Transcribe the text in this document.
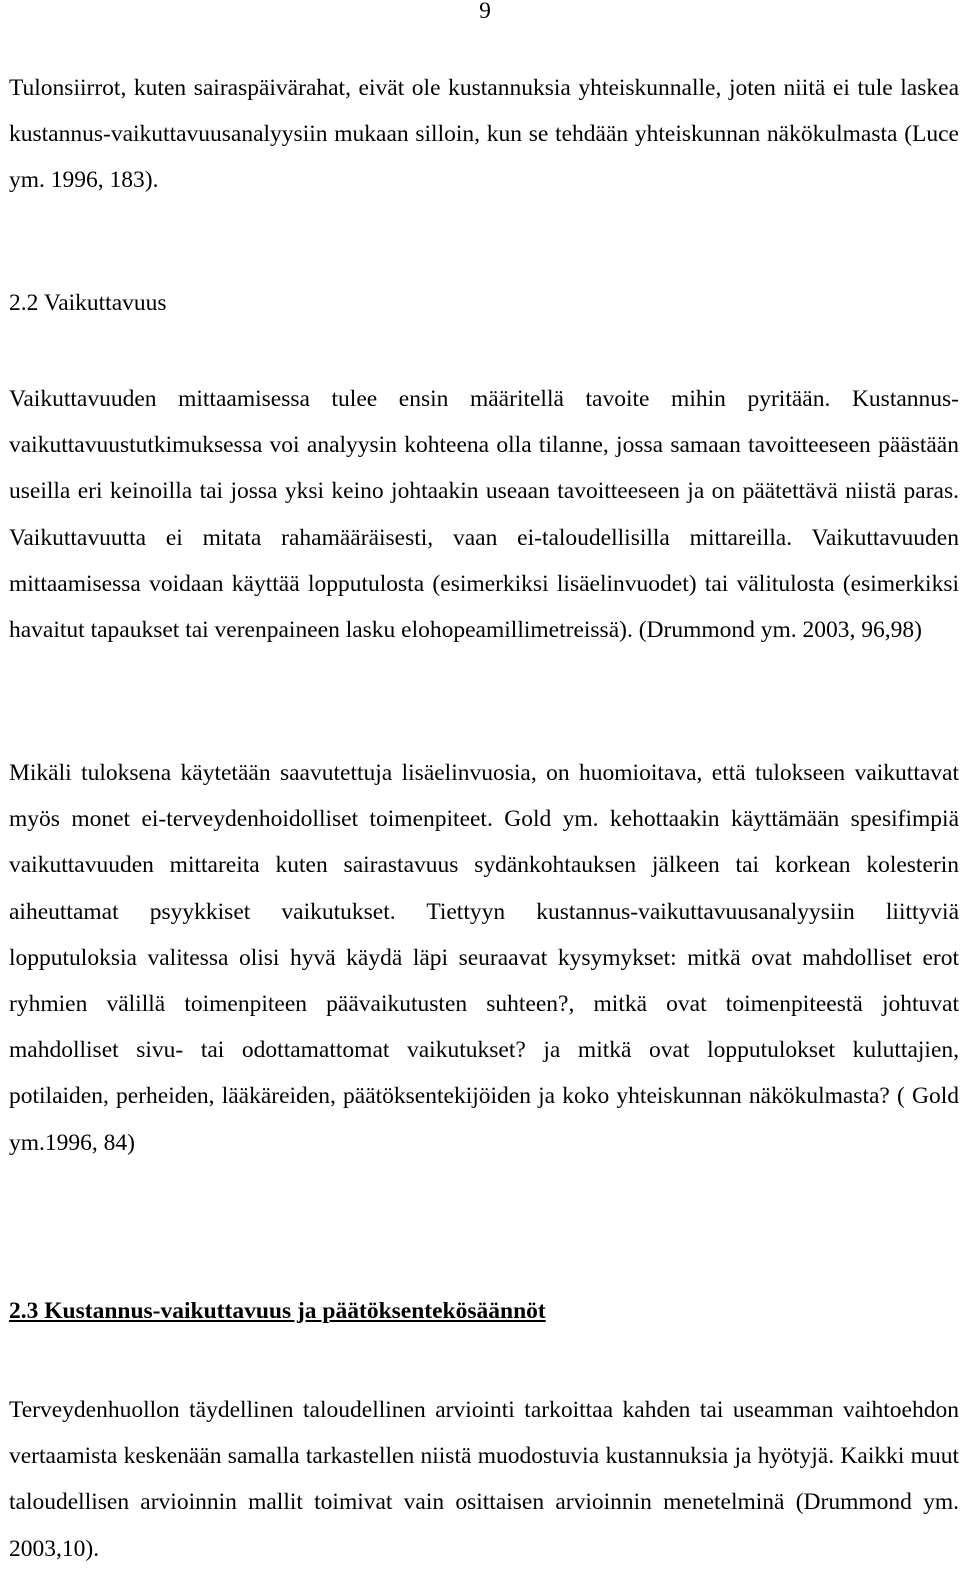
9

Tulonsiirrot, kuten sairaspäivärahat, eivät ole kustannuksia yhteiskunnalle, joten niitä ei tule laskea kustannus-vaikuttavuusanalyysiin mukaan silloin, kun se tehdään yhteiskunnan näkökulmasta (Luce ym. 1996, 183).

2.2 Vaikuttavuus

Vaikuttavuuden mittaamisessa tulee ensin määritellä tavoite mihin pyritään. Kustannus-vaikuttavuustutkimuksessa voi analyysin kohteena olla tilanne, jossa samaan tavoitteeseen päästään useilla eri keinoilla tai jossa yksi keino johtaakin useaan tavoitteeseen ja on päätettävä niistä paras. Vaikuttavuutta ei mitata rahamääräisesti, vaan ei-taloudellisilla mittareilla. Vaikuttavuuden mittaamisessa voidaan käyttää lopputulosta (esimerkiksi lisäelinvuodet) tai välitulosta (esimerkiksi havaitut tapaukset tai verenpaineen lasku elohopeamillimetreissä). (Drummond ym. 2003, 96,98)

Mikäli tuloksena käytetään saavutettuja lisäelinvuosia, on huomioitava, että tulokseen vaikuttavat myös monet ei-terveydenhoidolliset toimenpiteet. Gold ym. kehottaakin käyttämään spesifimpiä vaikuttavuuden mittareita kuten sairastavuus sydänkohtauksen jälkeen tai korkean kolesterin aiheuttamat psyykkiset vaikutukset. Tiettyyn kustannus-vaikuttavuusanalyysiin liittyviä lopputuloksia valitessa olisi hyvä käydä läpi seuraavat kysymykset: mitkä ovat mahdolliset erot ryhmien välillä toimenpiteen päävaikutusten suhteen?, mitkä ovat toimenpiteestä johtuvat mahdolliset sivu- tai odottamattomat vaikutukset? ja mitkä ovat lopputulokset kuluttajien, potilaiden, perheiden, lääkäreiden, päätöksentekijöiden ja koko yhteiskunnan näkökulmasta? ( Gold ym.1996, 84)

2.3 Kustannus-vaikuttavuus ja päätöksentekösäännöt

Terveydenhuollon täydellinen taloudellinen arviointi tarkoittaa kahden tai useamman vaihtoehdon vertaamista keskenään samalla tarkastellen niistä muodostuvia kustannuksia ja hyötyjä. Kaikki muut taloudellisen arvioinnin mallit toimivat vain osittaisen arvioinnin menetelminä (Drummond ym. 2003,10).
